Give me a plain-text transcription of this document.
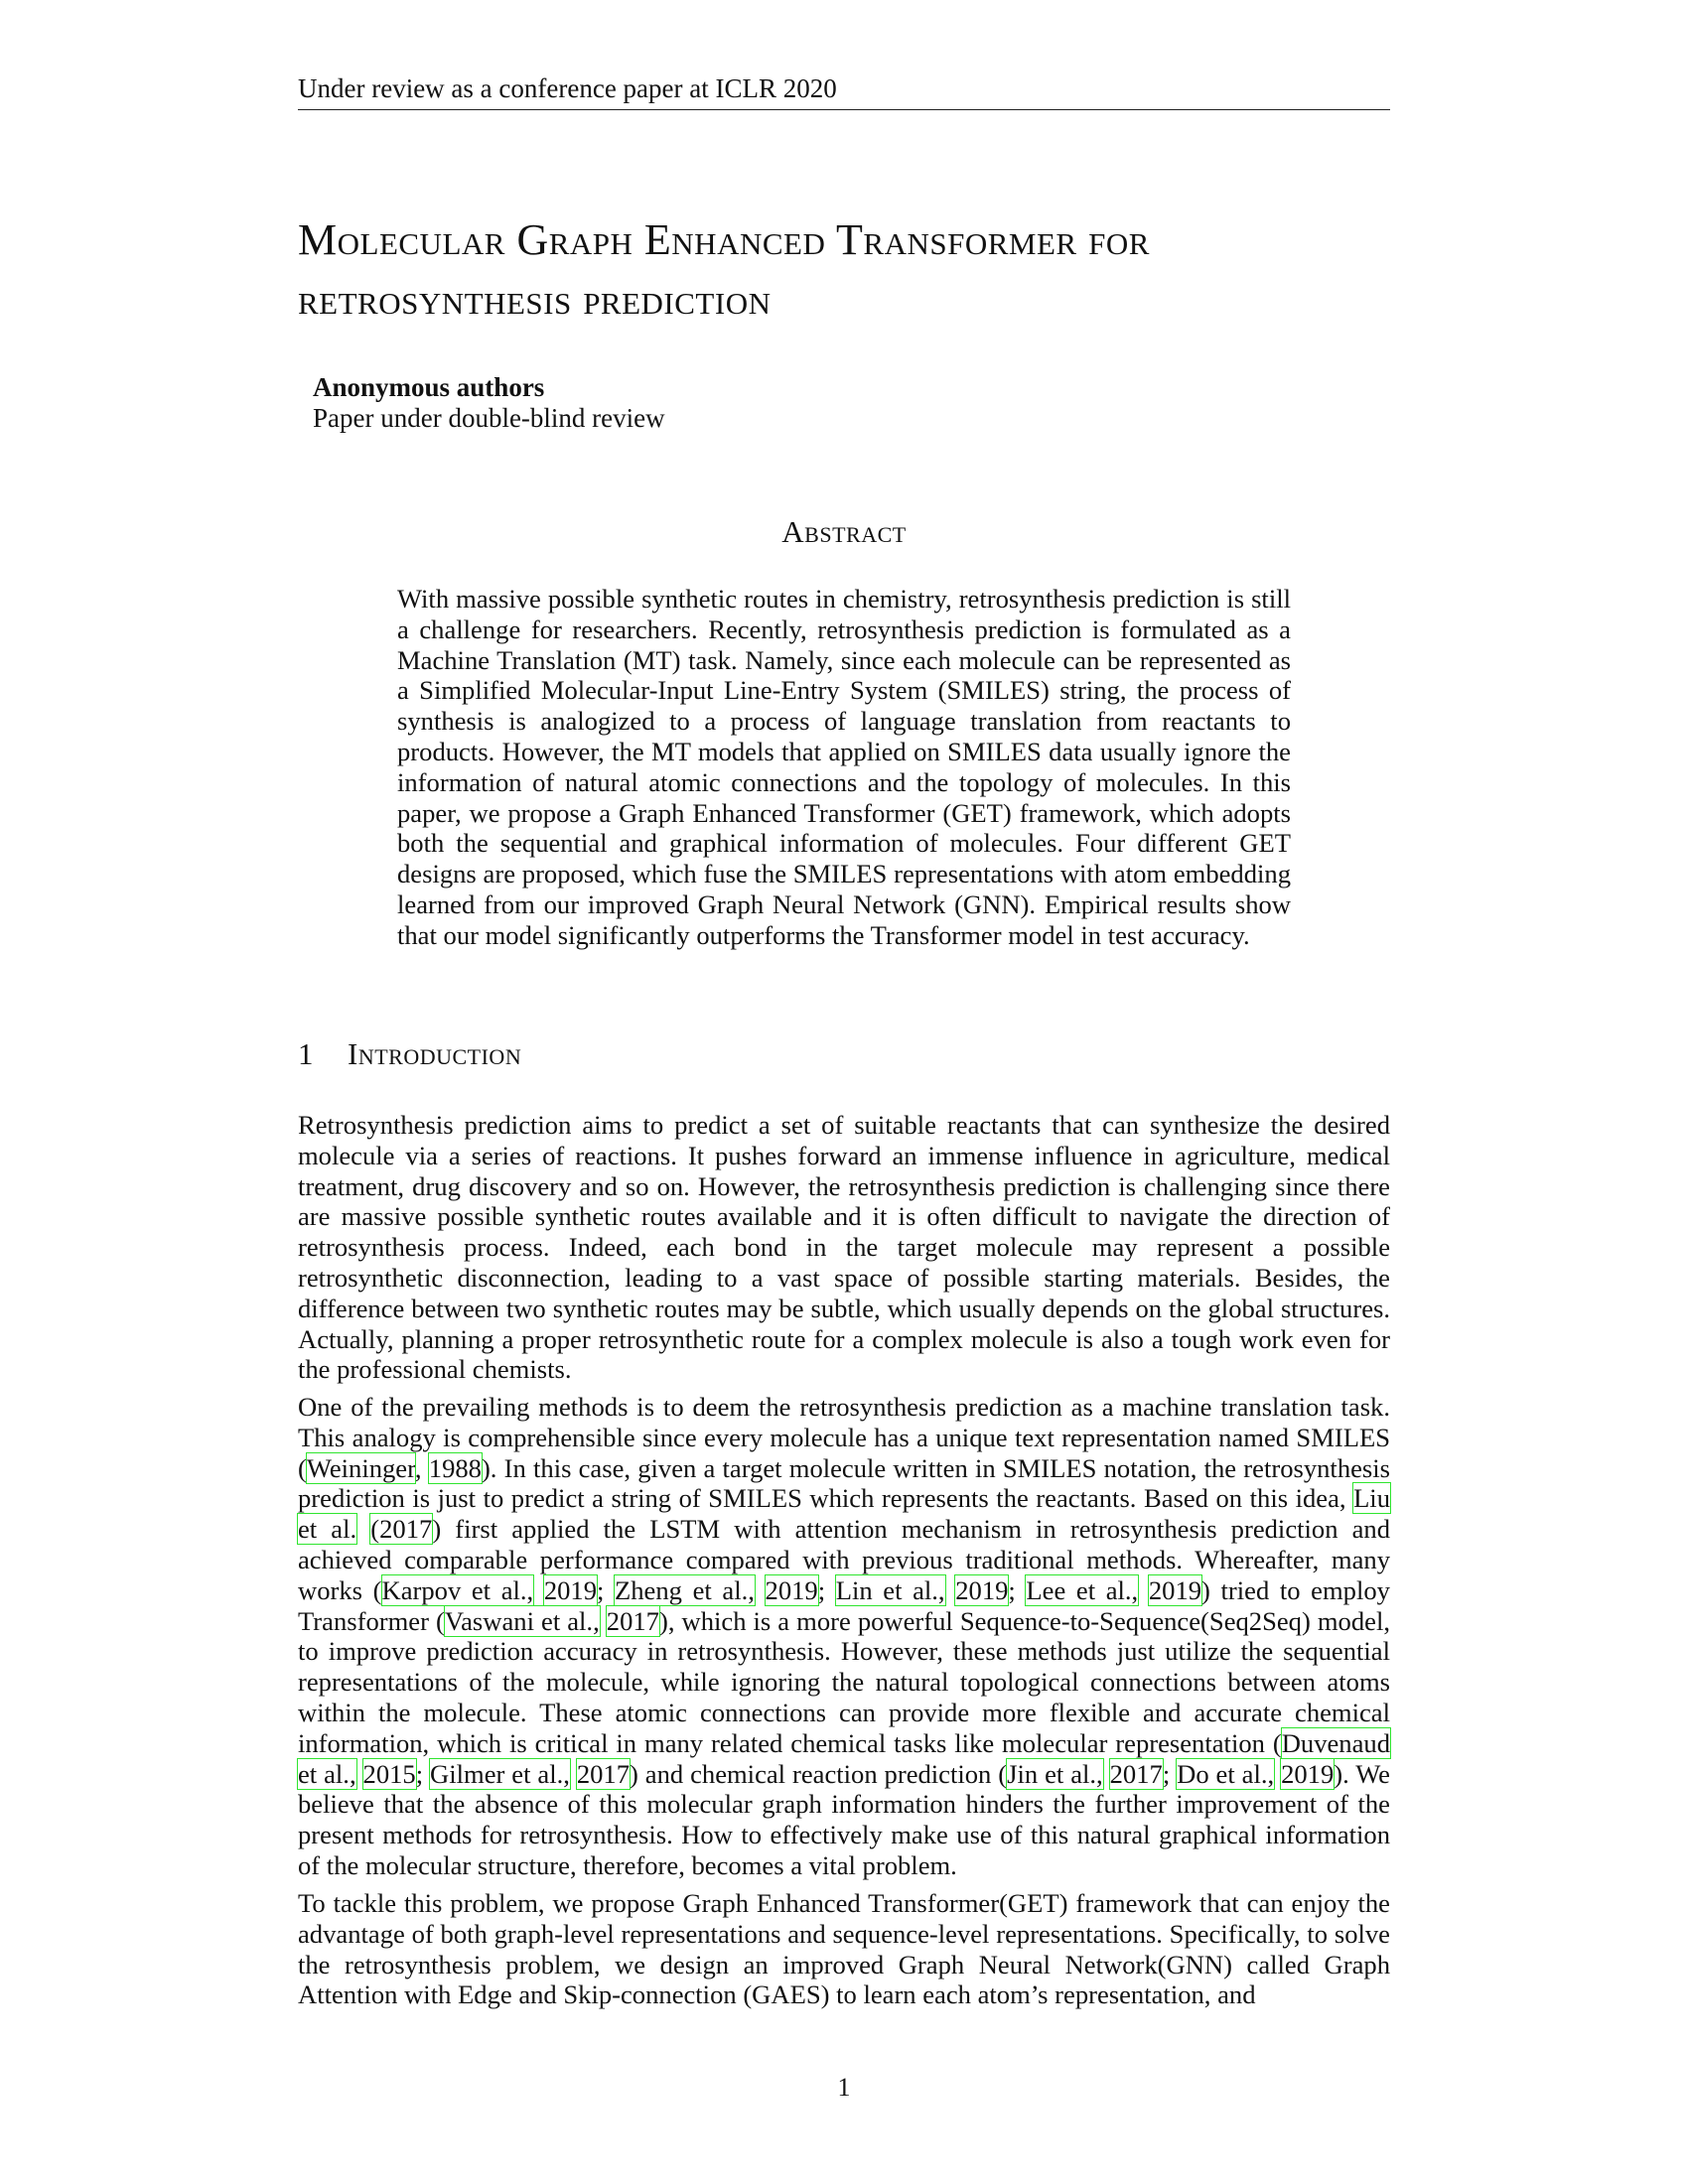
Under review as a conference paper at ICLR 2020
Molecular Graph Enhanced Transformer for
retrosynthesis prediction
Anonymous authors
Paper under double-blind review
Abstract

With massive possible synthetic routes in chemistry, retrosynthesis prediction is still a challenge for researchers. Recently, retrosynthesis prediction is formulated as a Machine Translation (MT) task. Namely, since each molecule can be represented as a Simplified Molecular-Input Line-Entry System (SMILES) string, the process of synthesis is analogized to a process of language translation from reactants to products. However, the MT models that applied on SMILES data usually ignore the information of natural atomic connections and the topology of molecules. In this paper, we propose a Graph Enhanced Transformer (GET) framework, which adopts both the sequential and graphical information of molecules. Four different GET designs are proposed, which fuse the SMILES representations with atom embedding learned from our improved Graph Neural Network (GNN). Empirical results show that our model significantly outperforms the Transformer model in test accuracy.

1 Introduction

Retrosynthesis prediction aims to predict a set of suitable reactants that can synthesize the desired molecule via a series of reactions. It pushes forward an immense influence in agriculture, medical treatment, drug discovery and so on. However, the retrosynthesis prediction is challenging since there are massive possible synthetic routes available and it is often difficult to navigate the direction of retrosynthesis process. Indeed, each bond in the target molecule may represent a possible retrosynthetic disconnection, leading to a vast space of possible starting materials. Besides, the difference between two synthetic routes may be subtle, which usually depends on the global structures. Actually, planning a proper retrosynthetic route for a complex molecule is also a tough work even for the professional chemists.

One of the prevailing methods is to deem the retrosynthesis prediction as a machine translation task. This analogy is comprehensible since every molecule has a unique text representation named SMILES (Weininger, 1988). In this case, given a target molecule written in SMILES notation, the retrosynthesis prediction is just to predict a string of SMILES which represents the reactants. Based on this idea, Liu et al. (2017) first applied the LSTM with attention mechanism in retrosynthesis prediction and achieved comparable performance compared with previous traditional methods. Whereafter, many works (Karpov et al., 2019; Zheng et al., 2019; Lin et al., 2019; Lee et al., 2019) tried to employ Transformer (Vaswani et al., 2017), which is a more powerful Sequence-to-Sequence(Seq2Seq) model, to improve prediction accuracy in retrosynthesis. However, these methods just utilize the sequential representations of the molecule, while ignoring the natural topological connections between atoms within the molecule. These atomic connections can provide more flexible and accurate chemical information, which is critical in many related chemical tasks like molecular representation (Duvenaud et al., 2015; Gilmer et al., 2017) and chemical reaction prediction (Jin et al., 2017; Do et al., 2019). We believe that the absence of this molecular graph information hinders the further improvement of the present methods for retrosynthesis. How to effectively make use of this natural graphical information of the molecular structure, therefore, becomes a vital problem.

To tackle this problem, we propose Graph Enhanced Transformer(GET) framework that can enjoy the advantage of both graph-level representations and sequence-level representations. Specifically, to solve the retrosynthesis problem, we design an improved Graph Neural Network(GNN) called Graph Attention with Edge and Skip-connection (GAES) to learn each atom’s representation, and

1
